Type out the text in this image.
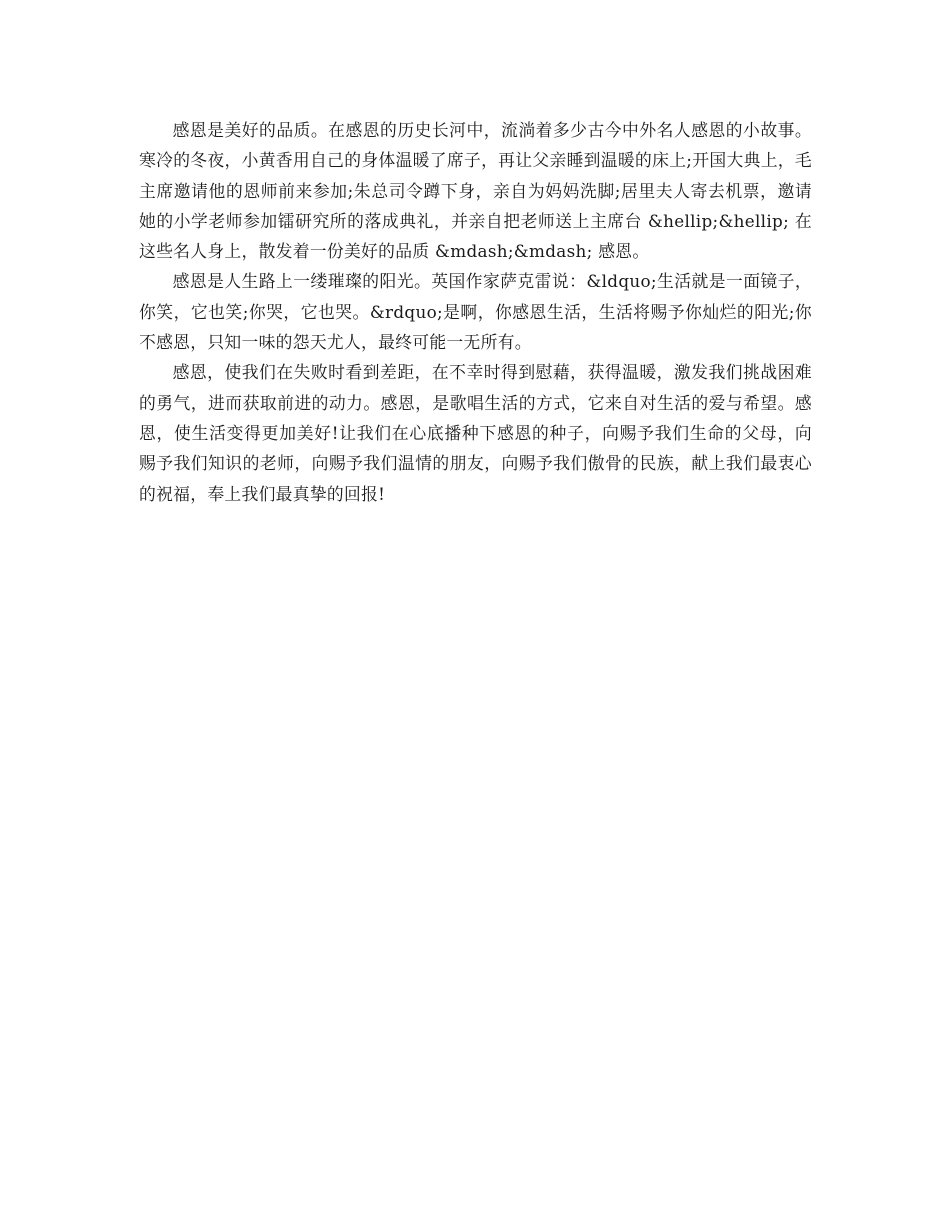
感恩是美好的品质。在感恩的历史长河中，流淌着多少古今中外名人感恩的小故事。寒冷的冬夜，小黄香用自己的身体温暖了席子，再让父亲睡到温暖的床上;开国大典上，毛主席邀请他的恩师前来参加;朱总司令蹲下身，亲自为妈妈洗脚;居里夫人寄去机票，邀请她的小学老师参加镭研究所的落成典礼，并亲自把老师送上主席台 &hellip;&hellip; 在这些名人身上，散发着一份美好的品质 &mdash;&mdash; 感恩。

感恩是人生路上一缕璀璨的阳光。英国作家萨克雷说：&ldquo;生活就是一面镜子，你笑，它也笑;你哭，它也哭。&rdquo;是啊，你感恩生活，生活将赐予你灿烂的阳光;你不感恩，只知一味的怨天尤人，最终可能一无所有。

感恩，使我们在失败时看到差距，在不幸时得到慰藉，获得温暖，激发我们挑战困难的勇气，进而获取前进的动力。感恩，是歌唱生活的方式，它来自对生活的爱与希望。感恩，使生活变得更加美好!让我们在心底播种下感恩的种子，向赐予我们生命的父母，向赐予我们知识的老师，向赐予我们温情的朋友，向赐予我们傲骨的民族，献上我们最衷心的祝福，奉上我们最真挚的回报!
